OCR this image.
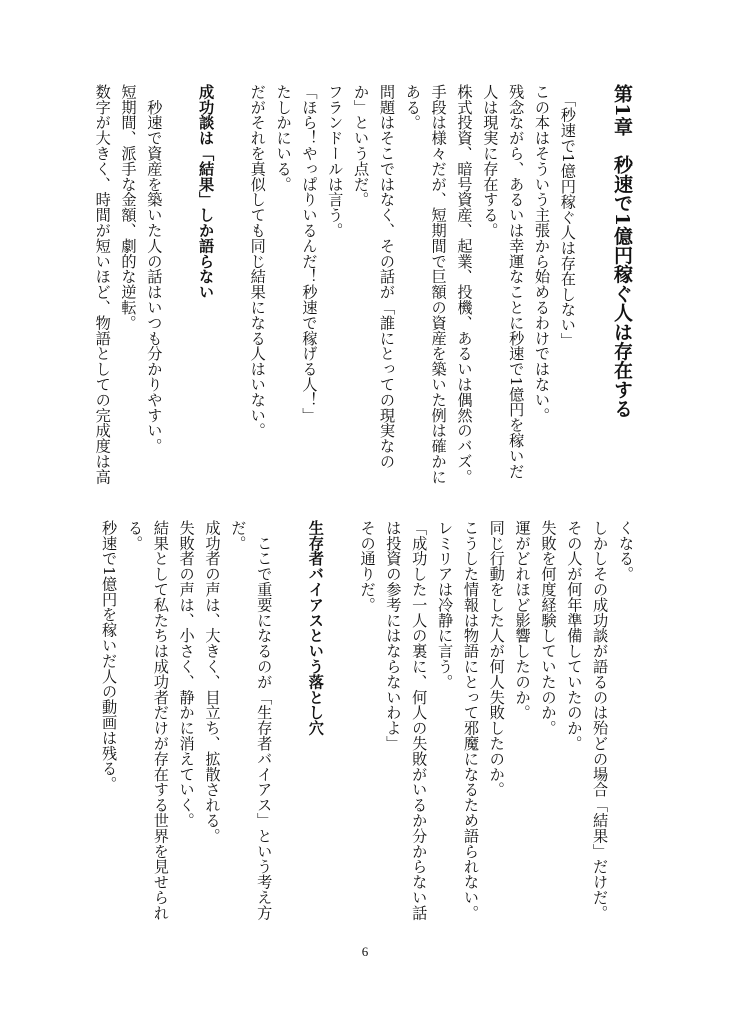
第1章　秒速で1億円稼ぐ人は存在する

　「秒速で1億円稼ぐ人は存在しない」
この本はそういう主張から始めるわけではない。
残念ながら、あるいは幸運なことに秒速で1億円を稼いだ
人は現実に存在する。
株式投資、暗号資産、起業、投機、あるいは偶然のバズ。
手段は様々だが、短期間で巨額の資産を築いた例は確かに
ある。
問題はそこではなく、その話が「誰にとっての現実なの
か」という点だ。
フランドールは言う。
「ほら！やっぱりいるんだ！秒速で稼げる人！」
たしかにいる。
だがそれを真似しても同じ結果になる人はいない。

成功談は「結果」しか語らない

　秒速で資産を築いた人の話はいつも分かりやすい。
短期間、派手な金額、劇的な逆転。
数字が大きく、時間が短いほど、物語としての完成度は高
くなる。
しかしその成功談が語るのは殆どの場合「結果」だけだ。
その人が何年準備していたのか。
失敗を何度経験していたのか。
運がどれほど影響したのか。
同じ行動をした人が何人失敗したのか。
こうした情報は物語にとって邪魔になるため語られない。
レミリアは冷静に言う。
「成功した一人の裏に、何人の失敗がいるか分からない話
は投資の参考にはならないわよ」
その通りだ。

生存者バイアスという落とし穴

　ここで重要になるのが「生存者バイアス」という考え方
だ。
成功者の声は、大きく、目立ち、拡散される。
失敗者の声は、小さく、静かに消えていく。
結果として私たちは成功者だけが存在する世界を見せられ
る。
秒速で1億円を稼いだ人の動画は残る。
6
